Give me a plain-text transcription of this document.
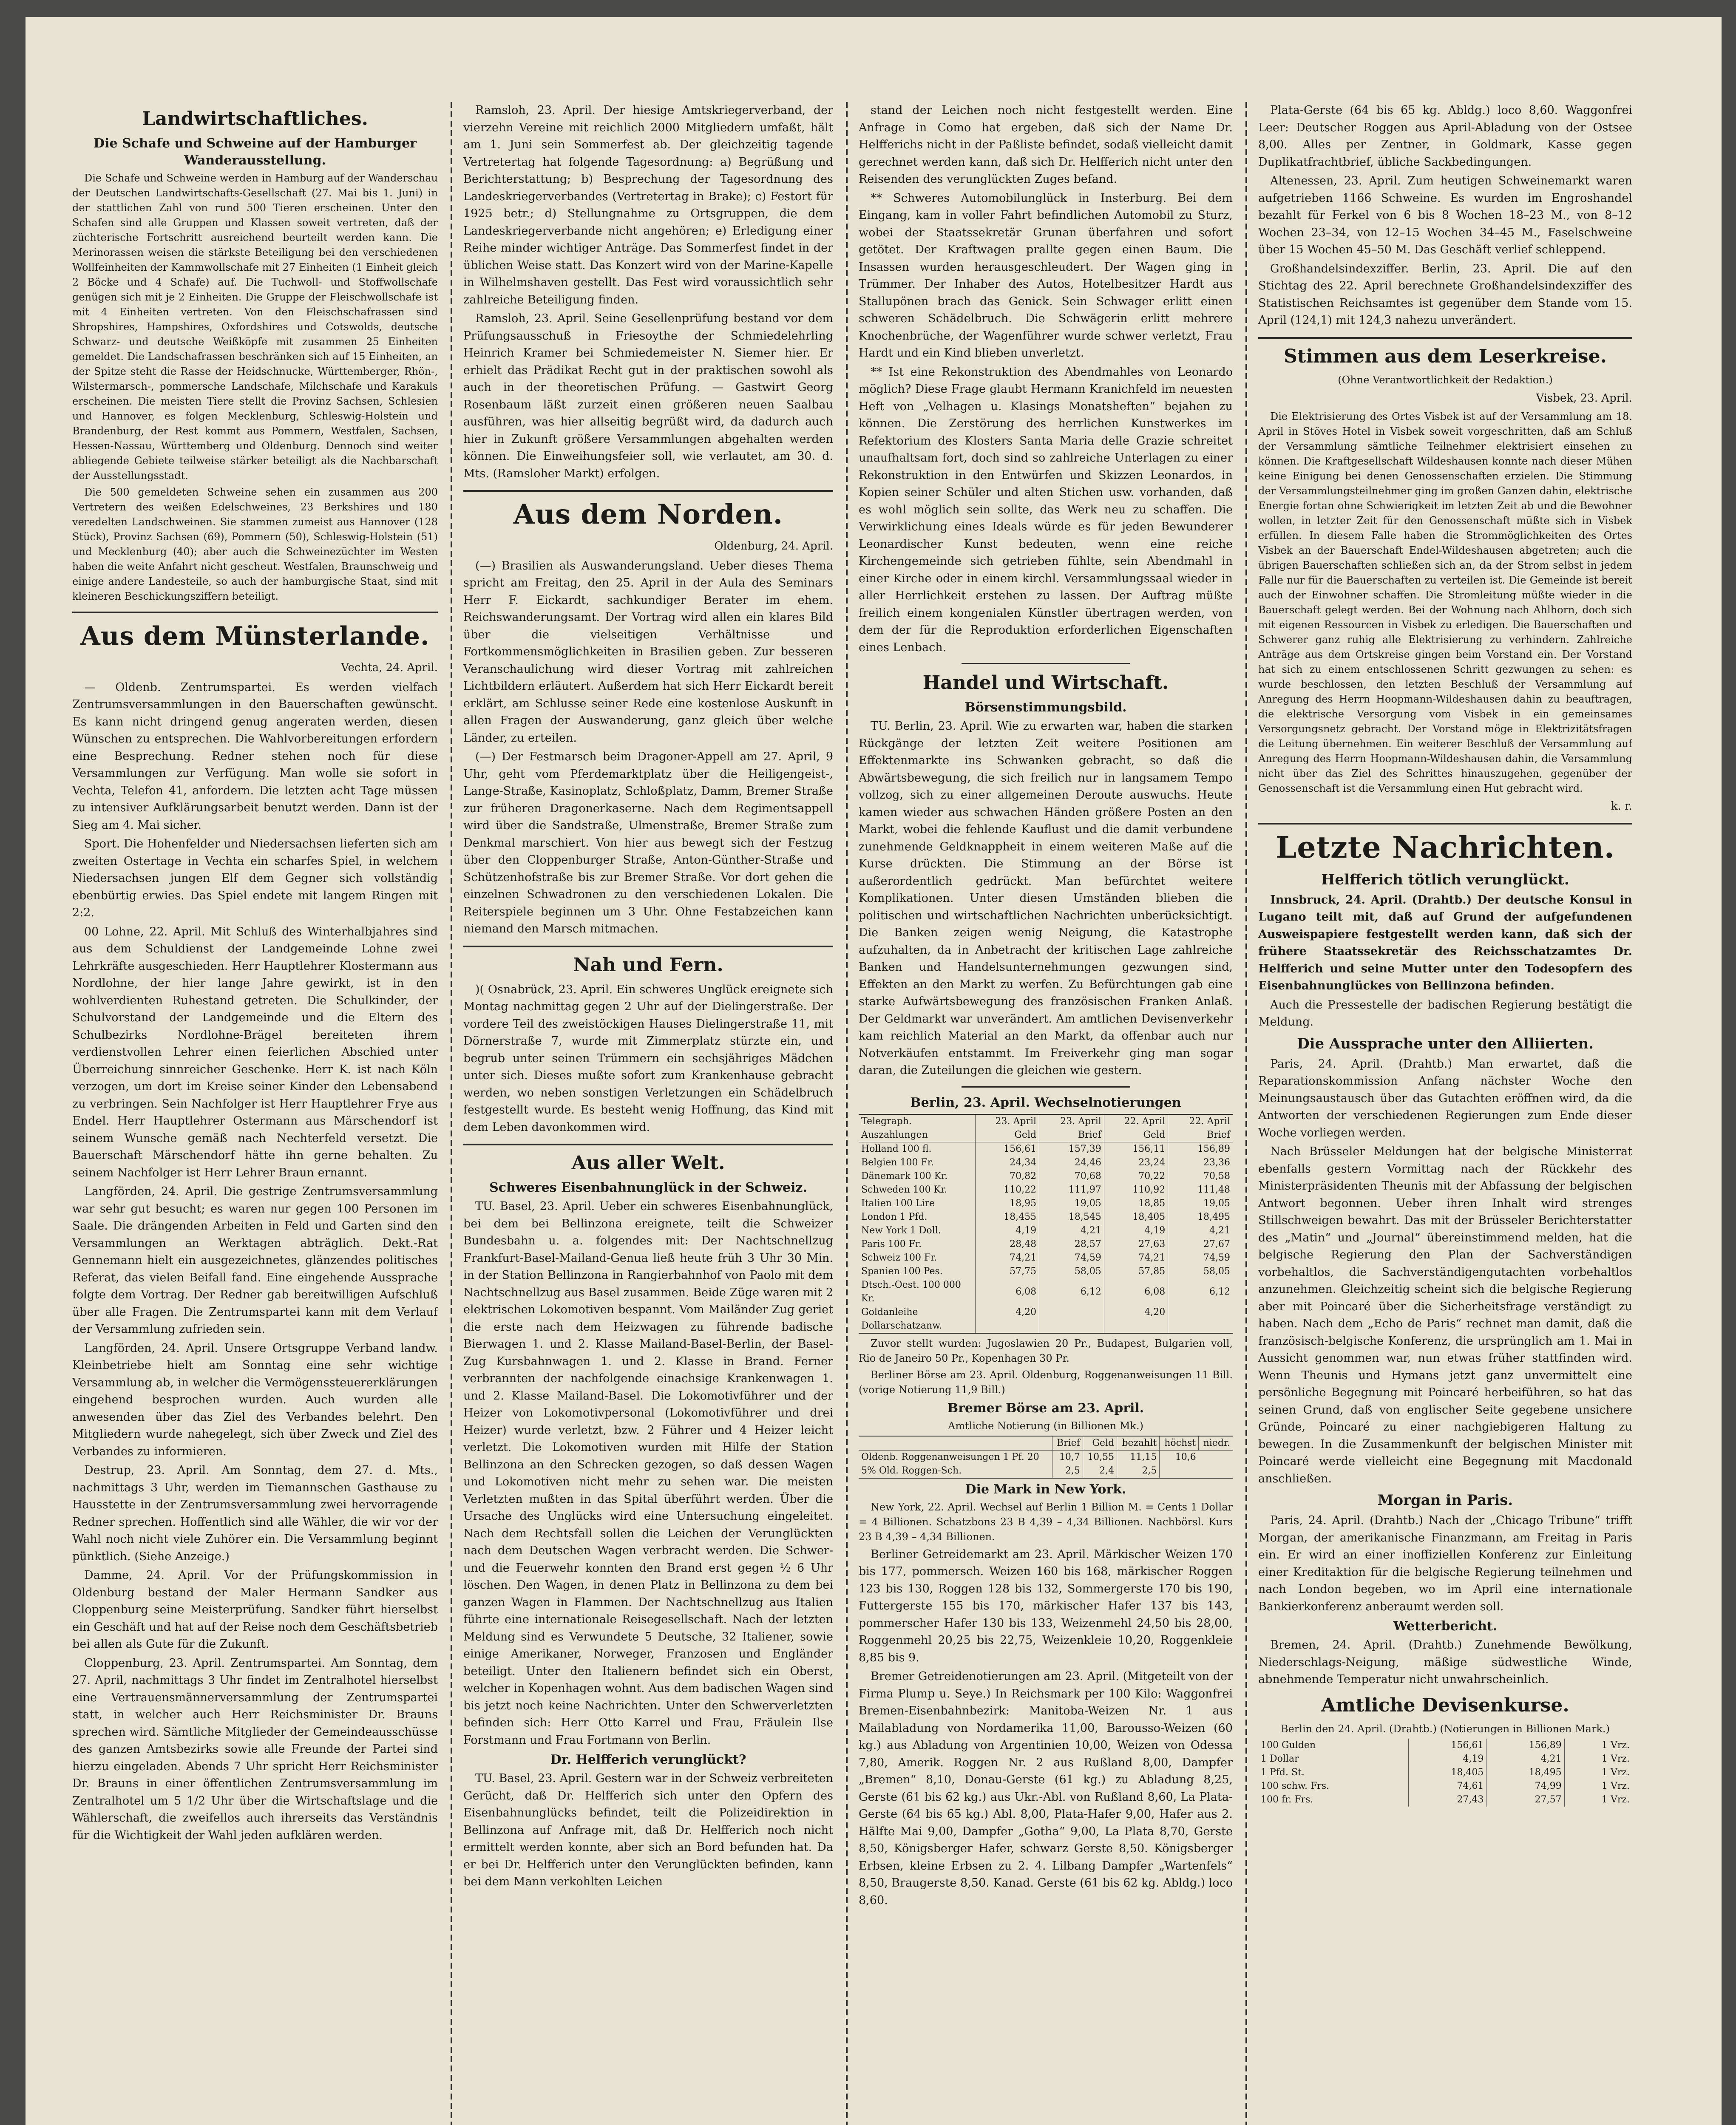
Landwirtschaftliches.
Die Schafe und Schweine auf der Hamburger Wanderausstellung.

Die Schafe und Schweine werden in Hamburg auf der Wanderschau der Deutschen Landwirtschafts-Gesellschaft (27. Mai bis 1. Juni) in der stattlichen Zahl von rund 500 Tieren erscheinen. Unter den Schafen sind alle Gruppen und Klassen soweit vertreten, daß der züchterische Fortschritt ausreichend beurteilt werden kann. Die Merinorassen weisen die stärkste Beteiligung bei den verschiedenen Wollfeinheiten der Kammwollschafe mit 27 Einheiten (1 Einheit gleich 2 Böcke und 4 Schafe) auf. Die Tuchwoll- und Stoffwollschafe genügen sich mit je 2 Einheiten. Die Gruppe der Fleischwollschafe ist mit 4 Einheiten vertreten. Von den Fleischschafrassen sind Shropshires, Hampshires, Oxfordshires und Cotswolds, deutsche Schwarz- und deutsche Weißköpfe mit zusammen 25 Einheiten gemeldet. Die Landschafrassen beschränken sich auf 15 Einheiten, an der Spitze steht die Rasse der Heidschnucke, Württemberger, Rhön-, Wilstermarsch-, pommersche Landschafe, Milchschafe und Karakuls erscheinen. Die meisten Tiere stellt die Provinz Sachsen, Schlesien und Hannover, es folgen Mecklenburg, Schleswig-Holstein und Brandenburg, der Rest kommt aus Pommern, Westfalen, Sachsen, Hessen-Nassau, Württemberg und Oldenburg. Dennoch sind weiter abliegende Gebiete teilweise stärker beteiligt als die Nachbarschaft der Ausstellungsstadt.

Die 500 gemeldeten Schweine sehen ein zusammen aus 200 Vertretern des weißen Edelschweines, 23 Berkshires und 180 veredelten Landschweinen. Sie stammen zumeist aus Hannover (128 Stück), Provinz Sachsen (69), Pommern (50), Schleswig-Holstein (51) und Mecklenburg (40); aber auch die Schweinezüchter im Westen haben die weite Anfahrt nicht gescheut. Westfalen, Braunschweig und einige andere Landesteile, so auch der hamburgische Staat, sind mit kleineren Beschickungsziffern beteiligt.

Aus dem Münsterlande.
Vechta, 24. April.

— Oldenb. Zentrumspartei. Es werden vielfach Zentrumsversammlungen in den Bauerschaften gewünscht. Es kann nicht dringend genug angeraten werden, diesen Wünschen zu entsprechen. Die Wahlvorbereitungen erfordern eine Besprechung. Redner stehen noch für diese Versammlungen zur Verfügung. Man wolle sie sofort in Vechta, Telefon 41, anfordern. Die letzten acht Tage müssen zu intensiver Aufklärungsarbeit benutzt werden. Dann ist der Sieg am 4. Mai sicher.

Sport. Die Hohenfelder und Niedersachsen lieferten sich am zweiten Ostertage in Vechta ein scharfes Spiel, in welchem Niedersachsen jungen Elf dem Gegner sich vollständig ebenbürtig erwies. Das Spiel endete mit langem Ringen mit 2:2.

00 Lohne, 22. April. Mit Schluß des Winterhalbjahres sind aus dem Schuldienst der Landgemeinde Lohne zwei Lehrkräfte ausgeschieden. Herr Hauptlehrer Klostermann aus Nordlohne, der hier lange Jahre gewirkt, ist in den wohlverdienten Ruhestand getreten. Die Schulkinder, der Schulvorstand der Landgemeinde und die Eltern des Schulbezirks Nordlohne-Brägel bereiteten ihrem verdienstvollen Lehrer einen feierlichen Abschied unter Überreichung sinnreicher Geschenke. Herr K. ist nach Köln verzogen, um dort im Kreise seiner Kinder den Lebensabend zu verbringen. Sein Nachfolger ist Herr Hauptlehrer Frye aus Endel. Herr Hauptlehrer Ostermann aus Märschendorf ist seinem Wunsche gemäß nach Nechterfeld versetzt. Die Bauerschaft Märschendorf hätte ihn gerne behalten. Zu seinem Nachfolger ist Herr Lehrer Braun ernannt.

Langförden, 24. April. Die gestrige Zentrumsversammlung war sehr gut besucht; es waren nur gegen 100 Personen im Saale. Die drängenden Arbeiten in Feld und Garten sind den Versammlungen an Werktagen abträglich. Dekt.-Rat Gennemann hielt ein ausgezeichnetes, glänzendes politisches Referat, das vielen Beifall fand. Eine eingehende Aussprache folgte dem Vortrag. Der Redner gab bereitwilligen Aufschluß über alle Fragen. Die Zentrumspartei kann mit dem Verlauf der Versammlung zufrieden sein.

Langförden, 24. April. Unsere Ortsgruppe Verband landw. Kleinbetriebe hielt am Sonntag eine sehr wichtige Versammlung ab, in welcher die Vermögenssteuererklärungen eingehend besprochen wurden. Auch wurden alle anwesenden über das Ziel des Verbandes belehrt. Den Mitgliedern wurde nahegelegt, sich über Zweck und Ziel des Verbandes zu informieren.

Destrup, 23. April. Am Sonntag, dem 27. d. Mts., nachmittags 3 Uhr, werden im Tiemannschen Gasthause zu Hausstette in der Zentrumsversammlung zwei hervorragende Redner sprechen. Hoffentlich sind alle Wähler, die wir vor der Wahl noch nicht viele Zuhörer ein. Die Versammlung beginnt pünktlich. (Siehe Anzeige.)

Damme, 24. April. Vor der Prüfungskommission in Oldenburg bestand der Maler Hermann Sandker aus Cloppenburg seine Meisterprüfung. Sandker führt hierselbst ein Geschäft und hat auf der Reise noch dem Geschäftsbetrieb bei allen als Gute für die Zukunft.

Cloppenburg, 23. April. Zentrumspartei. Am Sonntag, dem 27. April, nachmittags 3 Uhr findet im Zentralhotel hierselbst eine Vertrauensmännerversammlung der Zentrumspartei statt, in welcher auch Herr Reichsminister Dr. Brauns sprechen wird. Sämtliche Mitglieder der Gemeindeausschüsse des ganzen Amtsbezirks sowie alle Freunde der Partei sind hierzu eingeladen. Abends 7 Uhr spricht Herr Reichsminister Dr. Brauns in einer öffentlichen Zentrumsversammlung im Zentralhotel um 5 1/2 Uhr über die Wirtschaftslage und die Wählerschaft, die zweifellos auch ihrerseits das Verständnis für die Wichtigkeit der Wahl jeden aufklären werden.

Ramsloh, 23. April. Der hiesige Amtskriegerverband, der vierzehn Vereine mit reichlich 2000 Mitgliedern umfaßt, hält am 1. Juni sein Sommerfest ab. Der gleichzeitig tagende Vertretertag hat folgende Tagesordnung: a) Begrüßung und Berichterstattung; b) Besprechung der Tagesordnung des Landeskriegerverbandes (Vertretertag in Brake); c) Festort für 1925 betr.; d) Stellungnahme zu Ortsgruppen, die dem Landeskriegerverbande nicht angehören; e) Erledigung einer Reihe minder wichtiger Anträge. Das Sommerfest findet in der üblichen Weise statt. Das Konzert wird von der Marine-Kapelle in Wilhelmshaven gestellt. Das Fest wird voraussichtlich sehr zahlreiche Beteiligung finden.

Ramsloh, 23. April. Seine Gesellenprüfung bestand vor dem Prüfungsausschuß in Friesoythe der Schmiedelehrling Heinrich Kramer bei Schmiedemeister N. Siemer hier. Er erhielt das Prädikat Recht gut in der praktischen sowohl als auch in der theoretischen Prüfung. — Gastwirt Georg Rosenbaum läßt zurzeit einen größeren neuen Saalbau ausführen, was hier allseitig begrüßt wird, da dadurch auch hier in Zukunft größere Versammlungen abgehalten werden können. Die Einweihungsfeier soll, wie verlautet, am 30. d. Mts. (Ramsloher Markt) erfolgen.

Aus dem Norden.
Oldenburg, 24. April.

(—) Brasilien als Auswanderungsland. Ueber dieses Thema spricht am Freitag, den 25. April in der Aula des Seminars Herr F. Eickardt, sachkundiger Berater im ehem. Reichswanderungsamt. Der Vortrag wird allen ein klares Bild über die vielseitigen Verhältnisse und Fortkommensmöglichkeiten in Brasilien geben. Zur besseren Veranschaulichung wird dieser Vortrag mit zahlreichen Lichtbildern erläutert. Außerdem hat sich Herr Eickardt bereit erklärt, am Schlusse seiner Rede eine kostenlose Auskunft in allen Fragen der Auswanderung, ganz gleich über welche Länder, zu erteilen.

(—) Der Festmarsch beim Dragoner-Appell am 27. April, 9 Uhr, geht vom Pferdemarktplatz über die Heiligengeist-, Lange-Straße, Kasinoplatz, Schloßplatz, Damm, Bremer Straße zur früheren Dragonerkaserne. Nach dem Regimentsappell wird über die Sandstraße, Ulmenstraße, Bremer Straße zum Denkmal marschiert. Von hier aus bewegt sich der Festzug über den Cloppenburger Straße, Anton-Günther-Straße und Schützenhofstraße bis zur Bremer Straße. Vor dort gehen die einzelnen Schwadronen zu den verschiedenen Lokalen. Die Reiterspiele beginnen um 3 Uhr. Ohne Festabzeichen kann niemand den Marsch mitmachen.

Nah und Fern.

)( Osnabrück, 23. April. Ein schweres Unglück ereignete sich Montag nachmittag gegen 2 Uhr auf der Dielingerstraße. Der vordere Teil des zweistöckigen Hauses Dielingerstraße 11, mit Dörnerstraße 7, wurde mit Zimmerplatz stürzte ein, und begrub unter seinen Trümmern ein sechsjähriges Mädchen unter sich. Dieses mußte sofort zum Krankenhause gebracht werden, wo neben sonstigen Verletzungen ein Schädelbruch festgestellt wurde. Es besteht wenig Hoffnung, das Kind mit dem Leben davonkommen wird.

Aus aller Welt.
Schweres Eisenbahnunglück in der Schweiz.

TU. Basel, 23. April. Ueber ein schweres Eisenbahnunglück, bei dem bei Bellinzona ereignete, teilt die Schweizer Bundesbahn u. a. folgendes mit: Der Nachtschnellzug Frankfurt-Basel-Mailand-Genua ließ heute früh 3 Uhr 30 Min. in der Station Bellinzona in Rangierbahnhof von Paolo mit dem Nachtschnellzug aus Basel zusammen. Beide Züge waren mit 2 elektrischen Lokomotiven bespannt. Vom Mailänder Zug geriet die erste nach dem Heizwagen zu führende badische Bierwagen 1. und 2. Klasse Mailand-Basel-Berlin, der Basel-Zug Kursbahnwagen 1. und 2. Klasse in Brand. Ferner verbrannten der nachfolgende einachsige Krankenwagen 1. und 2. Klasse Mailand-Basel. Die Lokomotivführer und der Heizer von Lokomotivpersonal (Lokomotivführer und drei Heizer) wurde verletzt, bzw. 2 Führer und 4 Heizer leicht verletzt. Die Lokomotiven wurden mit Hilfe der Station Bellinzona an den Schrecken gezogen, so daß dessen Wagen und Lokomotiven nicht mehr zu sehen war. Die meisten Verletzten mußten in das Spital überführt werden. Über die Ursache des Unglücks wird eine Untersuchung eingeleitet. Nach dem Rechtsfall sollen die Leichen der Verunglückten nach dem Deutschen Wagen verbracht werden. Die Schwer- und die Feuerwehr konnten den Brand erst gegen ½ 6 Uhr löschen. Den Wagen, in denen Platz in Bellinzona zu dem bei ganzen Wagen in Flammen. Der Nachtschnellzug aus Italien führte eine internationale Reisegesellschaft. Nach der letzten Meldung sind es Verwundete 5 Deutsche, 32 Italiener, sowie einige Amerikaner, Norweger, Franzosen und Engländer beteiligt. Unter den Italienern befindet sich ein Oberst, welcher in Kopenhagen wohnt. Aus dem badischen Wagen sind bis jetzt noch keine Nachrichten. Unter den Schwerverletzten befinden sich: Herr Otto Karrel und Frau, Fräulein Ilse Forstmann und Frau Fortmann von Berlin.

Dr. Helfferich verunglückt?

TU. Basel, 23. April. Gestern war in der Schweiz verbreiteten Gerücht, daß Dr. Helfferich sich unter den Opfern des Eisenbahnunglücks befindet, teilt die Polizeidirektion in Bellinzona auf Anfrage mit, daß Dr. Helfferich noch nicht ermittelt werden konnte, aber sich an Bord befunden hat. Da er bei Dr. Helfferich unter den Verunglückten befinden, kann bei dem Mann verkohlten Leichen

stand der Leichen noch nicht festgestellt werden. Eine Anfrage in Como hat ergeben, daß sich der Name Dr. Helfferichs nicht in der Paßliste befindet, sodaß vielleicht damit gerechnet werden kann, daß sich Dr. Helfferich nicht unter den Reisenden des verunglückten Zuges befand.

** Schweres Automobilunglück in Insterburg. Bei dem Eingang, kam in voller Fahrt befindlichen Automobil zu Sturz, wobei der Staatssekretär Grunan überfahren und sofort getötet. Der Kraftwagen prallte gegen einen Baum. Die Insassen wurden herausgeschleudert. Der Wagen ging in Trümmer. Der Inhaber des Autos, Hotelbesitzer Hardt aus Stallupönen brach das Genick. Sein Schwager erlitt einen schweren Schädelbruch. Die Schwägerin erlitt mehrere Knochenbrüche, der Wagenführer wurde schwer verletzt, Frau Hardt und ein Kind blieben unverletzt.

** Ist eine Rekonstruktion des Abendmahles von Leonardo möglich? Diese Frage glaubt Hermann Kranichfeld im neuesten Heft von „Velhagen u. Klasings Monatsheften“ bejahen zu können. Die Zerstörung des herrlichen Kunstwerkes im Refektorium des Klosters Santa Maria delle Grazie schreitet unaufhaltsam fort, doch sind so zahlreiche Unterlagen zu einer Rekonstruktion in den Entwürfen und Skizzen Leonardos, in Kopien seiner Schüler und alten Stichen usw. vorhanden, daß es wohl möglich sein sollte, das Werk neu zu schaffen. Die Verwirklichung eines Ideals würde es für jeden Bewunderer Leonardischer Kunst bedeuten, wenn eine reiche Kirchengemeinde sich getrieben fühlte, sein Abendmahl in einer Kirche oder in einem kirchl. Versammlungssaal wieder in aller Herrlichkeit erstehen zu lassen. Der Auftrag müßte freilich einem kongenialen Künstler übertragen werden, von dem der für die Reproduktion erforderlichen Eigenschaften eines Lenbach.

Handel und Wirtschaft.
Börsenstimmungsbild.

TU. Berlin, 23. April. Wie zu erwarten war, haben die starken Rückgänge der letzten Zeit weitere Positionen am Effektenmarkte ins Schwanken gebracht, so daß die Abwärtsbewegung, die sich freilich nur in langsamem Tempo vollzog, sich zu einer allgemeinen Deroute auswuchs. Heute kamen wieder aus schwachen Händen größere Posten an den Markt, wobei die fehlende Kauflust und die damit verbundene zunehmende Geldknappheit in einem weiteren Maße auf die Kurse drückten. Die Stimmung an der Börse ist außerordentlich gedrückt. Man befürchtet weitere Komplikationen. Unter diesen Umständen blieben die politischen und wirtschaftlichen Nachrichten unberücksichtigt. Die Banken zeigen wenig Neigung, die Katastrophe aufzuhalten, da in Anbetracht der kritischen Lage zahlreiche Banken und Handelsunternehmungen gezwungen sind, Effekten an den Markt zu werfen. Zu Befürchtungen gab eine starke Aufwärtsbewegung des französischen Franken Anlaß. Der Geldmarkt war unverändert. Am amtlichen Devisenverkehr kam reichlich Material an den Markt, da offenbar auch nur Notverkäufen entstammt. Im Freiverkehr ging man sogar daran, die Zuteilungen die gleichen wie gestern.

Berlin, 23. April. Wechselnotierungen
Telegraph. Auszahlungen	23. April Geld	23. April Brief	22. April Geld	22. April Brief
Holland 100 fl.	156,61	157,39	156,11	156,89
Belgien 100 Fr.	24,34	24,46	23,24	23,36
Dänemark 100 Kr.	70,82	70,68	70,22	70,58
Schweden 100 Kr.	110,22	111,97	110,92	111,48
Italien 100 Lire	18,95	19,05	18,85	19,05
London 1 Pfd.	18,455	18,545	18,405	18,495
New York 1 Doll.	4,19	4,21	4,19	4,21
Paris 100 Fr.	28,48	28,57	27,63	27,67
Schweiz 100 Fr.	74,21	74,59	74,21	74,59
Spanien 100 Pes.	57,75	58,05	57,85	58,05
Dtsch.-Oest. 100 000 Kr.	6,08	6,12	6,08	6,12
Goldanleihe	4,20		4,20	
Dollarschatzanw.				

Zuvor stellt wurden: Jugoslawien 20 Pr., Budapest, Bulgarien voll, Rio de Janeiro 50 Pr., Kopenhagen 30 Pr.

Berliner Börse am 23. April. Oldenburg, Roggenanweisungen 11 Bill. (vorige Notierung 11,9 Bill.)

Bremer Börse am 23. April.
Amtliche Notierung (in Billionen Mk.)
	Brief	Geld	bezahlt	höchst	niedr.
Oldenb. Roggenanweisungen 1 Pf. 20	10,7	10,55	11,15	10,6	
5% Old. Roggen-Sch.	2,5	2,4	2,5		
Die Mark in New York.

New York, 22. April. Wechsel auf Berlin 1 Billion M. = Cents 1 Dollar = 4 Billionen. Schatzbons 23 B 4,39 – 4,34 Billionen. Nachbörsl. Kurs 23 B 4,39 – 4,34 Billionen.

Berliner Getreidemarkt am 23. April. Märkischer Weizen 170 bis 177, pommersch. Weizen 160 bis 168, märkischer Roggen 123 bis 130, Roggen 128 bis 132, Sommergerste 170 bis 190, Futtergerste 155 bis 170, märkischer Hafer 137 bis 143, pommerscher Hafer 130 bis 133, Weizenmehl 24,50 bis 28,00, Roggenmehl 20,25 bis 22,75, Weizenkleie 10,20, Roggenkleie 8,85 bis 9.

Bremer Getreidenotierungen am 23. April. (Mitgeteilt von der Firma Plump u. Seye.) In Reichsmark per 100 Kilo: Waggonfrei Bremen-Eisenbahnbezirk: Manitoba-Weizen Nr. 1 aus Mailabladung von Nordamerika 11,00, Barousso-Weizen (60 kg.) aus Abladung von Argentinien 10,00, Weizen von Odessa 7,80, Amerik. Roggen Nr. 2 aus Rußland 8,00, Dampfer „Bremen“ 8,10, Donau-Gerste (61 kg.) zu Abladung 8,25, Gerste (61 bis 62 kg.) aus Ukr.-Abl. von Rußland 8,60, La Plata-Gerste (64 bis 65 kg.) Abl. 8,00, Plata-Hafer 9,00, Hafer aus 2. Hälfte Mai 9,00, Dampfer „Gotha“ 9,00, La Plata 8,70, Gerste 8,50, Königsberger Hafer, schwarz Gerste 8,50. Königsberger Erbsen, kleine Erbsen zu 2. 4. Lilbang Dampfer „Wartenfels“ 8,50, Braugerste 8,50. Kanad. Gerste (61 bis 62 kg. Abldg.) loco 8,60.

Plata-Gerste (64 bis 65 kg. Abldg.) loco 8,60. Waggonfrei Leer: Deutscher Roggen aus April-Abladung von der Ostsee 8,00. Alles per Zentner, in Goldmark, Kasse gegen Duplikatfrachtbrief, übliche Sackbedingungen.

Altenessen, 23. April. Zum heutigen Schweinemarkt waren aufgetrieben 1166 Schweine. Es wurden im Engroshandel bezahlt für Ferkel von 6 bis 8 Wochen 18–23 M., von 8–12 Wochen 23–34, von 12–15 Wochen 34–45 M., Faselschweine über 15 Wochen 45–50 M. Das Geschäft verlief schleppend.

Großhandelsindexziffer. Berlin, 23. April. Die auf den Stichtag des 22. April berechnete Großhandelsindexziffer des Statistischen Reichsamtes ist gegenüber dem Stande vom 15. April (124,1) mit 124,3 nahezu unverändert.

Stimmen aus dem Leserkreise.
(Ohne Verantwortlichkeit der Redaktion.)
Visbek, 23. April.

Die Elektrisierung des Ortes Visbek ist auf der Versammlung am 18. April in Stöves Hotel in Visbek soweit vorgeschritten, daß am Schluß der Versammlung sämtliche Teilnehmer elektrisiert einsehen zu können. Die Kraftgesellschaft Wildeshausen konnte nach dieser Mühen keine Einigung bei denen Genossenschaften erzielen. Die Stimmung der Versammlungsteilnehmer ging im großen Ganzen dahin, elektrische Energie fortan ohne Schwierigkeit im letzten Zeit ab und die Bewohner wollen, in letzter Zeit für den Genossenschaft müßte sich in Visbek erfüllen. In diesem Falle haben die Strommöglichkeiten des Ortes Visbek an der Bauerschaft Endel-Wildeshausen abgetreten; auch die übrigen Bauerschaften schließen sich an, da der Strom selbst in jedem Falle nur für die Bauerschaften zu verteilen ist. Die Gemeinde ist bereit auch der Einwohner schaffen. Die Stromleitung müßte wieder in die Bauerschaft gelegt werden. Bei der Wohnung nach Ahlhorn, doch sich mit eigenen Ressourcen in Visbek zu erledigen. Die Bauerschaften und Schwerer ganz ruhig alle Elektrisierung zu verhindern. Zahlreiche Anträge aus dem Ortskreise gingen beim Vorstand ein. Der Vorstand hat sich zu einem entschlossenen Schritt gezwungen zu sehen: es wurde beschlossen, den letzten Beschluß der Versammlung auf Anregung des Herrn Hoopmann-Wildeshausen dahin zu beauftragen, die elektrische Versorgung vom Visbek in ein gemeinsames Versorgungsnetz gebracht. Der Vorstand möge in Elektrizitätsfragen die Leitung übernehmen. Ein weiterer Beschluß der Versammlung auf Anregung des Herrn Hoopmann-Wildeshausen dahin, die Versammlung nicht über das Ziel des Schrittes hinauszugehen, gegenüber der Genossenschaft ist die Versammlung einen Hut gebracht wird.

k. r.
Letzte Nachrichten.
Helfferich tötlich verunglückt.

Innsbruck, 24. April. (Drahtb.) Der deutsche Konsul in Lugano teilt mit, daß auf Grund der aufgefundenen Ausweispapiere festgestellt werden kann, daß sich der frühere Staatssekretär des Reichsschatzamtes Dr. Helfferich und seine Mutter unter den Todesopfern des Eisenbahnunglückes von Bellinzona befinden.

Auch die Pressestelle der badischen Regierung bestätigt die Meldung.

Die Aussprache unter den Alliierten.

Paris, 24. April. (Drahtb.) Man erwartet, daß die Reparationskommission Anfang nächster Woche den Meinungsaustausch über das Gutachten eröffnen wird, da die Antworten der verschiedenen Regierungen zum Ende dieser Woche vorliegen werden.

Nach Brüsseler Meldungen hat der belgische Ministerrat ebenfalls gestern Vormittag nach der Rückkehr des Ministerpräsidenten Theunis mit der Abfassung der belgischen Antwort begonnen. Ueber ihren Inhalt wird strenges Stillschweigen bewahrt. Das mit der Brüsseler Berichterstatter des „Matin“ und „Journal“ übereinstimmend melden, hat die belgische Regierung den Plan der Sachverständigen vorbehaltlos, die Sachverständigengutachten vorbehaltlos anzunehmen. Gleichzeitig scheint sich die belgische Regierung aber mit Poincaré über die Sicherheitsfrage verständigt zu haben. Nach dem „Echo de Paris“ rechnet man damit, daß die französisch-belgische Konferenz, die ursprünglich am 1. Mai in Aussicht genommen war, nun etwas früher stattfinden wird. Wenn Theunis und Hymans jetzt ganz unvermittelt eine persönliche Begegnung mit Poincaré herbeiführen, so hat das seinen Grund, daß von englischer Seite gegebene unsichere Gründe, Poincaré zu einer nachgiebigeren Haltung zu bewegen. In die Zusammenkunft der belgischen Minister mit Poincaré werde vielleicht eine Begegnung mit Macdonald anschließen.

Morgan in Paris.

Paris, 24. April. (Drahtb.) Nach der „Chicago Tribune“ trifft Morgan, der amerikanische Finanzmann, am Freitag in Paris ein. Er wird an einer inoffiziellen Konferenz zur Einleitung einer Kreditaktion für die belgische Regierung teilnehmen und nach London begeben, wo im April eine internationale Bankierkonferenz anberaumt werden soll.

Wetterbericht.

Bremen, 24. April. (Drahtb.) Zunehmende Bewölkung, Niederschlags-Neigung, mäßige südwestliche Winde, abnehmende Temperatur nicht unwahrscheinlich.

Amtliche Devisenkurse.
Berlin den 24. April. (Drahtb.) (Notierungen in Billionen Mark.)
100 Gulden	156,61	156,89	1 Vrz.
1 Dollar	4,19	4,21	1 Vrz.
1 Pfd. St.	18,405	18,495	1 Vrz.
100 schw. Frs.	74,61	74,99	1 Vrz.
100 fr. Frs.	27,43	27,57	1 Vrz.
